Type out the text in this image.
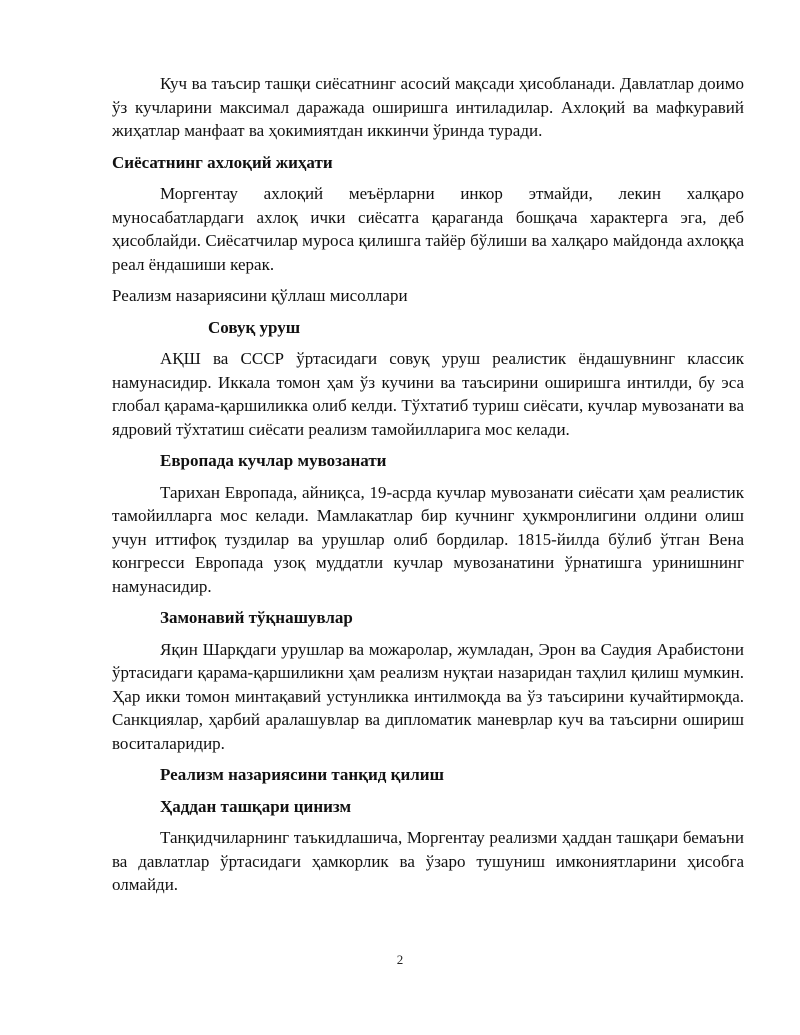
Куч ва таъсир ташқи сиёсатнинг асосий мақсади ҳисобланади. Давлатлар доимо ўз кучларини максимал даражада оширишга интиладилар. Ахлоқий ва мафкуравий жиҳатлар манфаат ва ҳокимиятдан иккинчи ўринда туради.

Сиёсатнинг ахлоқий жиҳати

Моргентау ахлоқий меъёрларни инкор этмайди, лекин халқаро муносабатлардаги ахлоқ ички сиёсатга қараганда бошқача характерга эга, деб ҳисоблайди. Сиёсатчилар муроса қилишга тайёр бўлиши ва халқаро майдонда ахлоққа реал ёндашиши керак.

Реализм назариясини қўллаш мисоллари

Совуқ уруш

АҚШ ва СССР ўртасидаги совуқ уруш реалистик ёндашувнинг классик намунасидир. Иккала томон ҳам ўз кучини ва таъсирини оширишга интилди, бу эса глобал қарама-қаршиликка олиб келди. Тўхтатиб туриш сиёсати, кучлар мувозанати ва ядровий тўхтатиш сиёсати реализм тамойилларига мос келади.

Европада кучлар мувозанати

Тарихан Европада, айниқса, 19-асрда кучлар мувозанати сиёсати ҳам реалистик тамойилларга мос келади. Мамлакатлар бир кучнинг ҳукмронлигини олдини олиш учун иттифоқ туздилар ва урушлар олиб бордилар. 1815-йилда бўлиб ўтган Вена конгресси Европада узоқ муддатли кучлар мувозанатини ўрнатишга уринишнинг намунасидир.

Замонавий тўқнашувлар

Яқин Шарқдаги урушлар ва можаролар, жумладан, Эрон ва Саудия Арабистони ўртасидаги қарама-қаршиликни ҳам реализм нуқтаи назаридан таҳлил қилиш мумкин. Ҳар икки томон минтақавий устунликка интилмоқда ва ўз таъсирини кучайтирмоқда. Санкциялар, ҳарбий аралашувлар ва дипломатик маневрлар куч ва таъсирни ошириш воситаларидир.

Реализм назариясини танқид қилиш

Ҳаддан ташқари цинизм

Танқидчиларнинг таъкидлашича, Моргентау реализми ҳаддан ташқари бемаъни ва давлатлар ўртасидаги ҳамкорлик ва ўзаро тушуниш имкониятларини ҳисобга олмайди.

2
